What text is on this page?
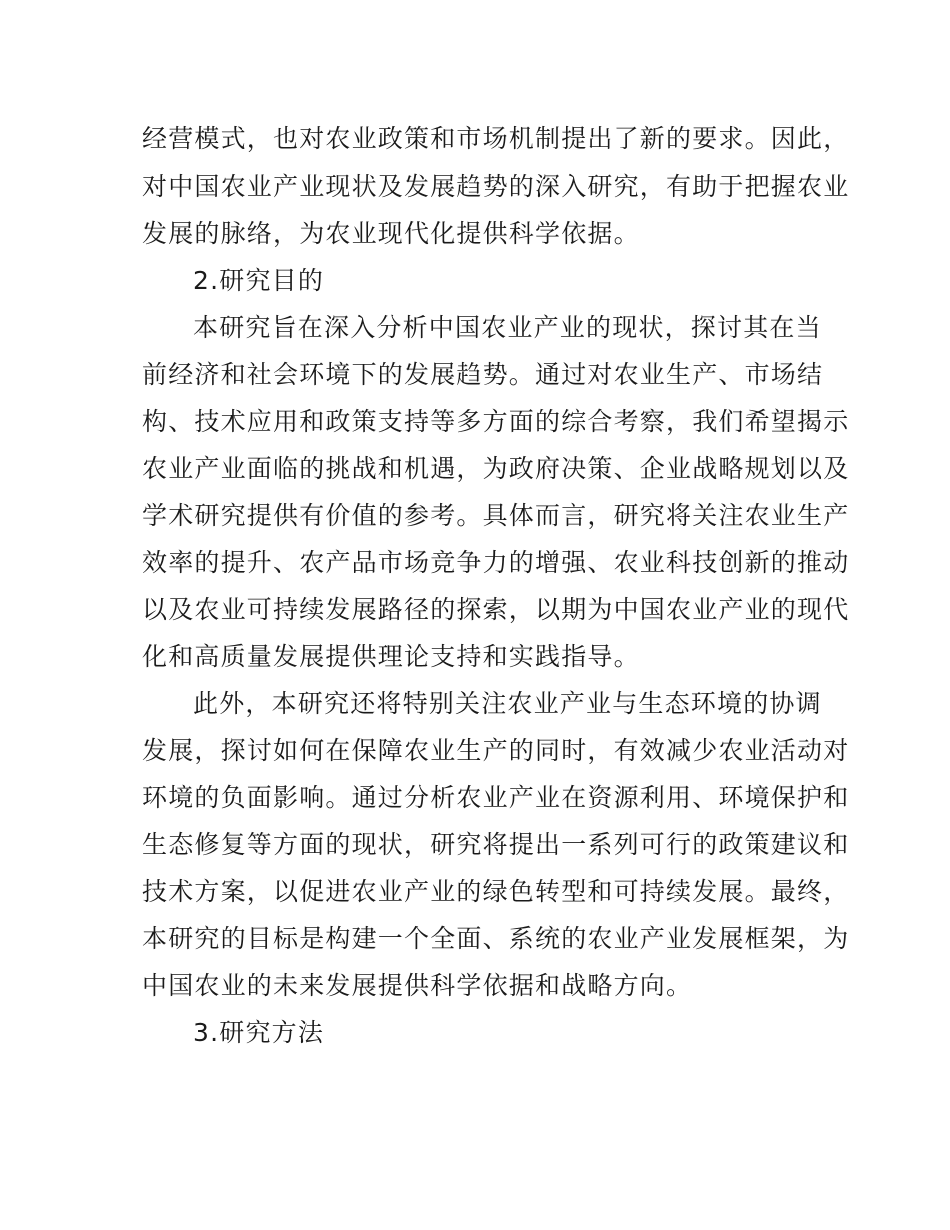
经营模式，也对农业政策和市场机制提出了新的要求。因此，
对中国农业产业现状及发展趋势的深入研究，有助于把握农业
发展的脉络，为农业现代化提供科学依据。
2.研究目的
本研究旨在深入分析中国农业产业的现状，探讨其在当
前经济和社会环境下的发展趋势。通过对农业生产、市场结
构、技术应用和政策支持等多方面的综合考察，我们希望揭示
农业产业面临的挑战和机遇，为政府决策、企业战略规划以及
学术研究提供有价值的参考。具体而言，研究将关注农业生产
效率的提升、农产品市场竞争力的增强、农业科技创新的推动
以及农业可持续发展路径的探索，以期为中国农业产业的现代
化和高质量发展提供理论支持和实践指导。
此外，本研究还将特别关注农业产业与生态环境的协调
发展，探讨如何在保障农业生产的同时，有效减少农业活动对
环境的负面影响。通过分析农业产业在资源利用、环境保护和
生态修复等方面的现状，研究将提出一系列可行的政策建议和
技术方案，以促进农业产业的绿色转型和可持续发展。最终，
本研究的目标是构建一个全面、系统的农业产业发展框架，为
中国农业的未来发展提供科学依据和战略方向。
3.研究方法
